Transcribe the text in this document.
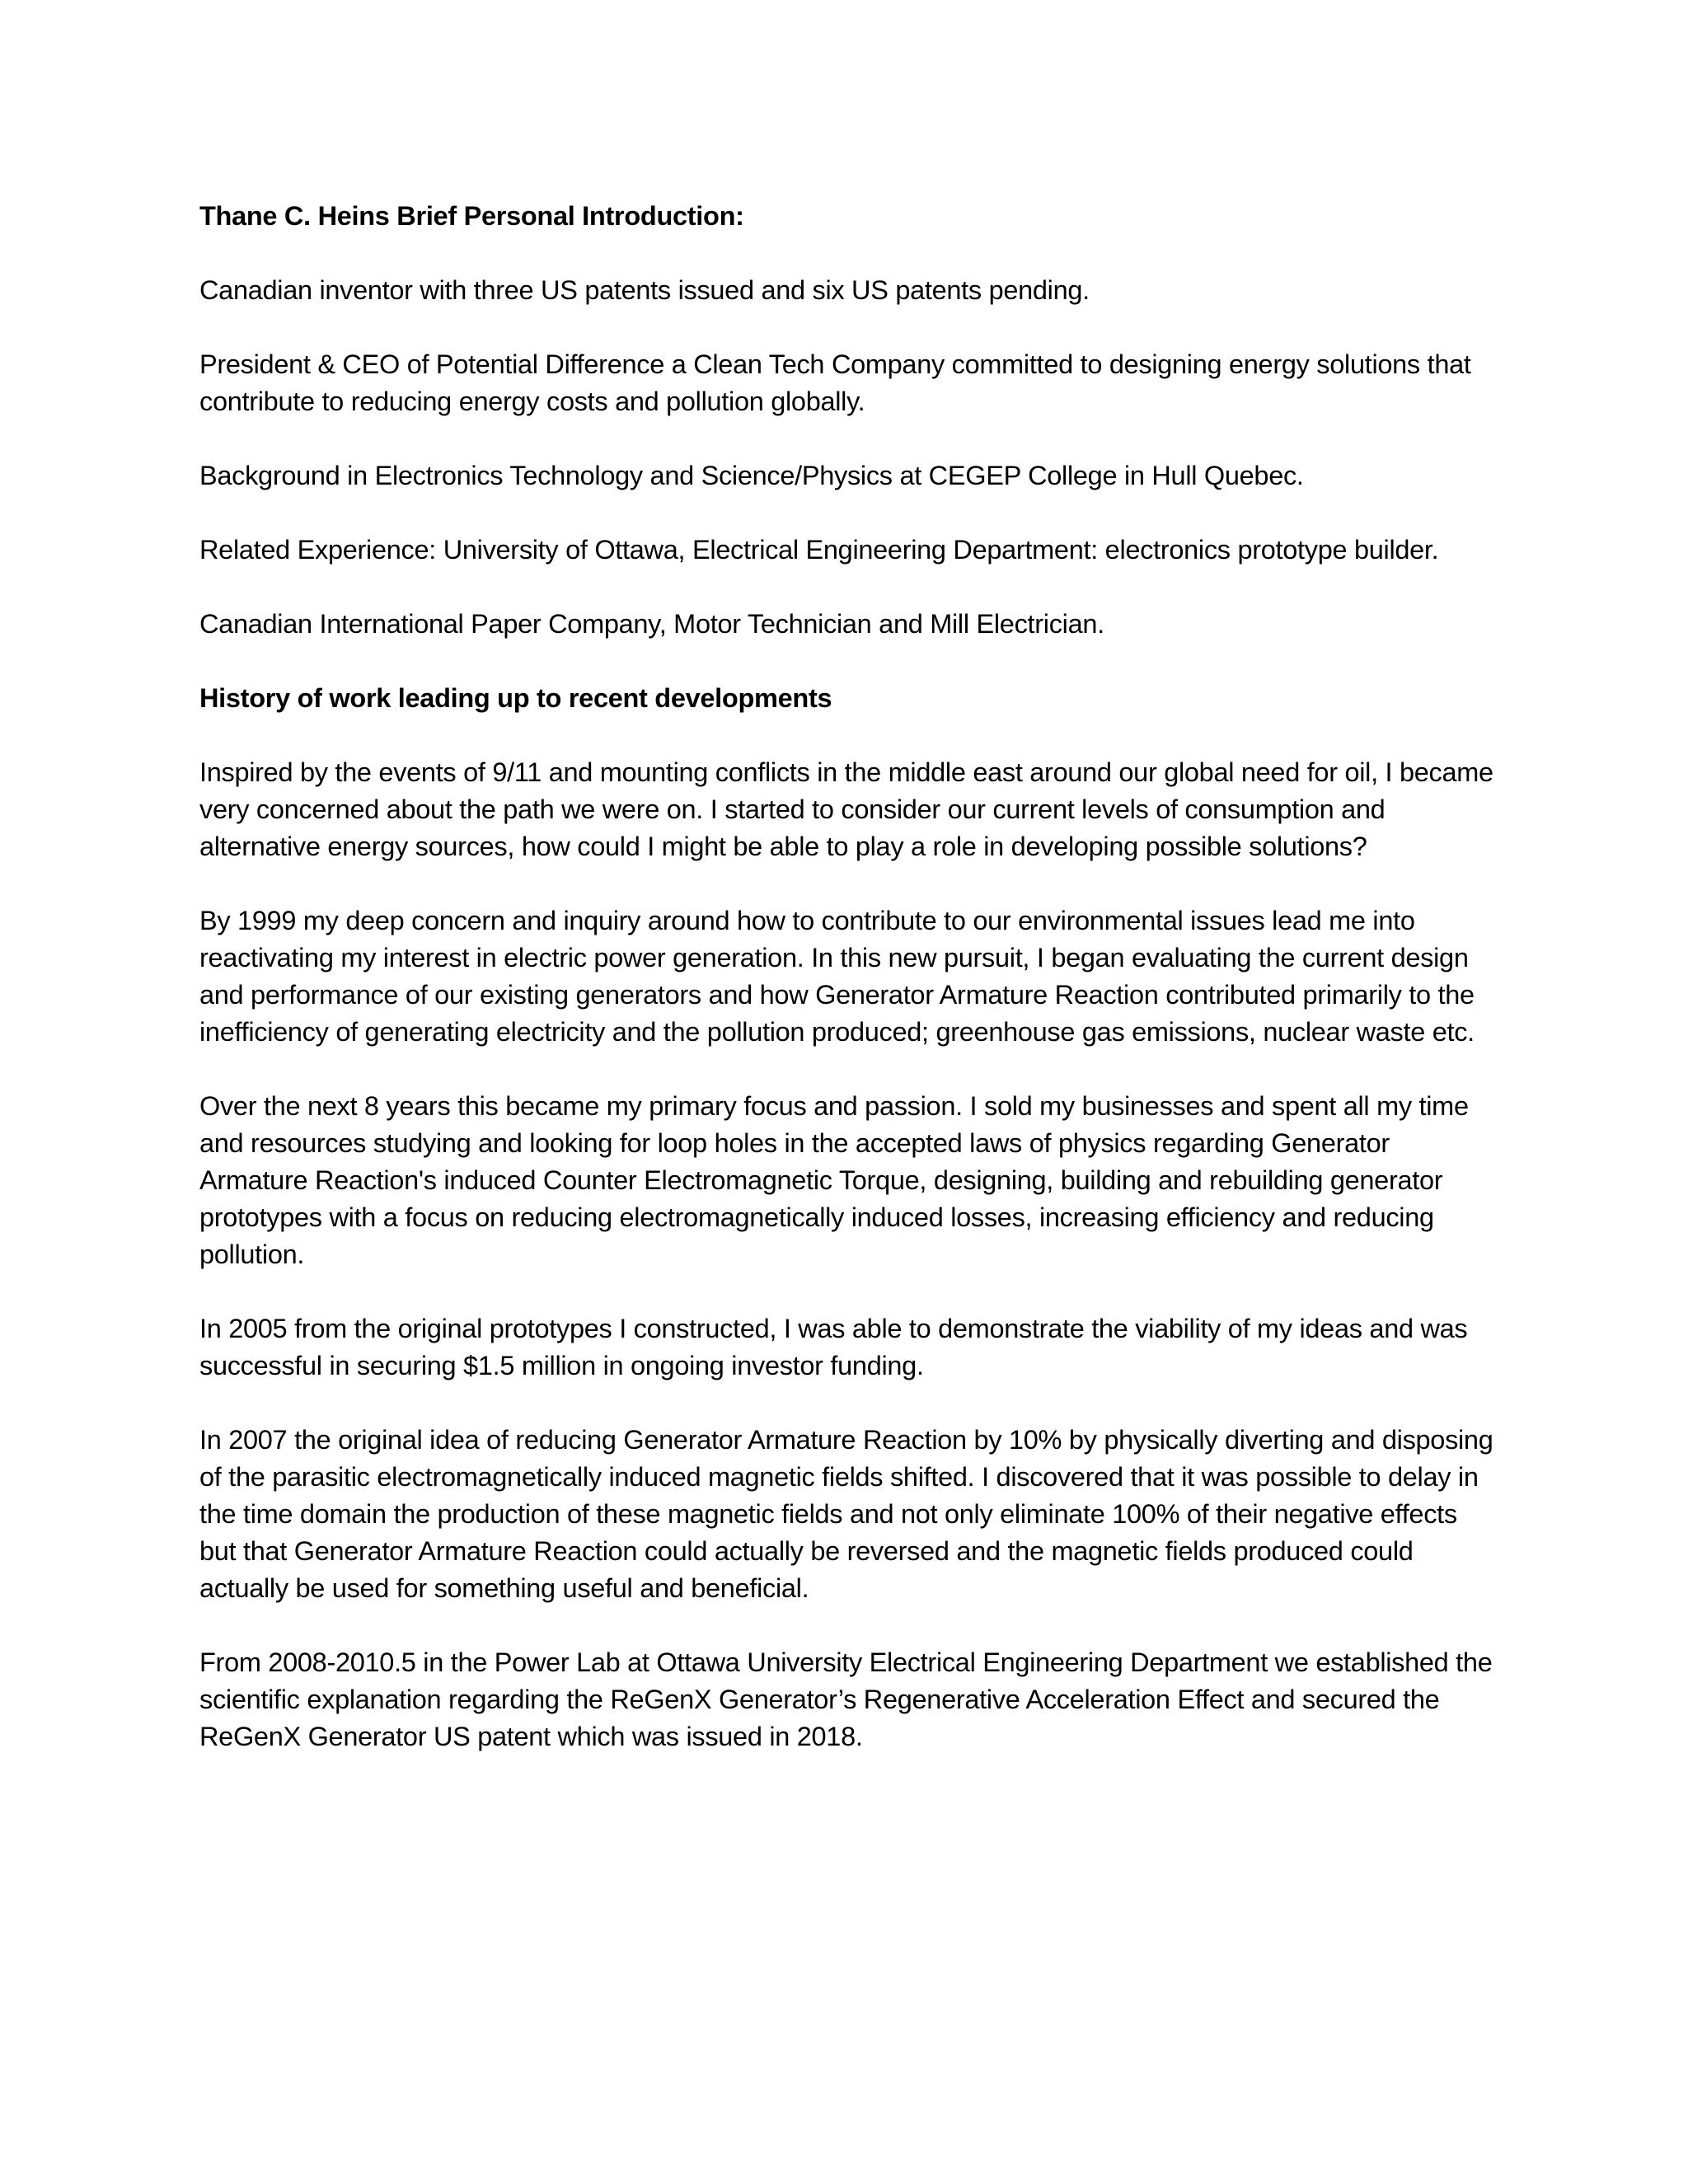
Thane C. Heins Brief Personal Introduction:

Canadian inventor with three US patents issued and six US patents pending.

President & CEO of Potential Difference a Clean Tech Company committed to designing energy solutions that contribute to reducing energy costs and pollution globally.

Background in Electronics Technology and Science/Physics at CEGEP College in Hull Quebec.

Related Experience: University of Ottawa, Electrical Engineering Department: electronics prototype builder.

Canadian International Paper Company, Motor Technician and Mill Electrician.

History of work leading up to recent developments

Inspired by the events of 9/11 and mounting conflicts in the middle east around our global need for oil, I became very concerned about the path we were on. I started to consider our current levels of consumption and alternative energy sources, how could I might be able to play a role in developing possible solutions?

By 1999 my deep concern and inquiry around how to contribute to our environmental issues lead me into reactivating my interest in electric power generation. In this new pursuit, I began evaluating the current design and performance of our existing generators and how Generator Armature Reaction contributed primarily to the inefficiency of generating electricity and the pollution produced; greenhouse gas emissions, nuclear waste etc.

Over the next 8 years this became my primary focus and passion. I sold my businesses and spent all my time and resources studying and looking for loop holes in the accepted laws of physics regarding Generator Armature Reaction's induced Counter Electromagnetic Torque, designing, building and rebuilding generator prototypes with a focus on reducing electromagnetically induced losses, increasing efficiency and reducing pollution.

In 2005 from the original prototypes I constructed, I was able to demonstrate the viability of my ideas and was successful in securing $1.5 million in ongoing investor funding.

In 2007 the original idea of reducing Generator Armature Reaction by 10% by physically diverting and disposing of the parasitic electromagnetically induced magnetic fields shifted. I discovered that it was possible to delay in the time domain the production of these magnetic fields and not only eliminate 100% of their negative effects but that Generator Armature Reaction could actually be reversed and the magnetic fields produced could actually be used for something useful and beneficial.

From 2008-2010.5 in the Power Lab at Ottawa University Electrical Engineering Department we established the scientific explanation regarding the ReGenX Generator’s Regenerative Acceleration Effect and secured the ReGenX Generator US patent which was issued in 2018.
